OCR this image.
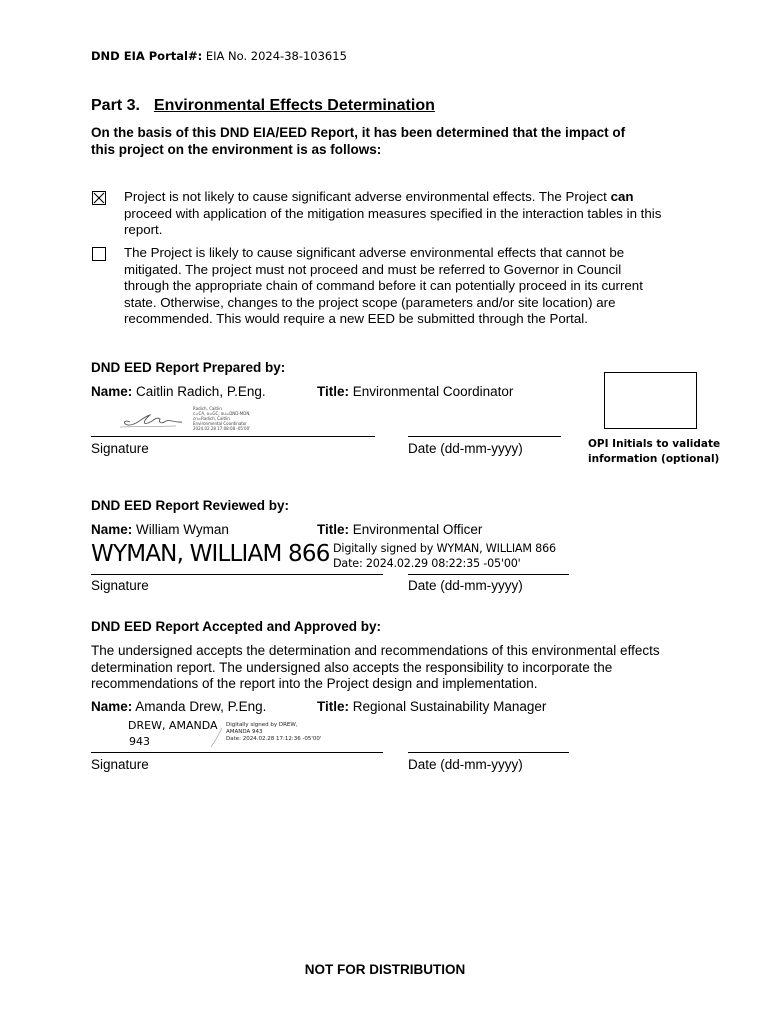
DND EIA Portal#: EIA No. 2024-38-103615
Part 3. Environmental Effects Determination
On the basis of this DND EIA/EED Report, it has been determined that the impact of this project on the environment is as follows:
Project is not likely to cause significant adverse environmental effects. The Project can proceed with application of the mitigation measures specified in the interaction tables in this report.
The Project is likely to cause significant adverse environmental effects that cannot be mitigated. The project must not proceed and must be referred to Governor in Council through the appropriate chain of command before it can potentially proceed in its current state. Otherwise, changes to the project scope (parameters and/or site location) are recommended. This would require a new EED be submitted through the Portal.
DND EED Report Prepared by:
Name: Caitlin Radich, P.Eng.	Title: Environmental Coordinator
Radich, Caitlin
c=CA, o=GC, ou=DND-MDN,
cn=Radich, Caitlin
Environmental Coordinator
2024.02.28 17:08:08 -05'00'
Signature	Date (dd-mm-yyyy)	OPI Initials to validate
information (optional)
DND EED Report Reviewed by:
Name: William Wyman	Title: Environmental Officer
WYMAN, WILLIAM 866 Digitally signed by WYMAN, WILLIAM 866
Date: 2024.02.29 08:22:35 -05'00'
Signature	Date (dd-mm-yyyy)
DND EED Report Accepted and Approved by:
The undersigned accepts the determination and recommendations of this environmental effects determination report. The undersigned also accepts the responsibility to incorporate the recommendations of the report into the Project design and implementation.
Name: Amanda Drew, P.Eng.	Title: Regional Sustainability Manager
DREW, AMANDA
943
Digitally signed by DREW,
AMANDA 943
Date: 2024.02.28 17:12:36 -05'00'
Signature	Date (dd-mm-yyyy)
NOT FOR DISTRIBUTION
